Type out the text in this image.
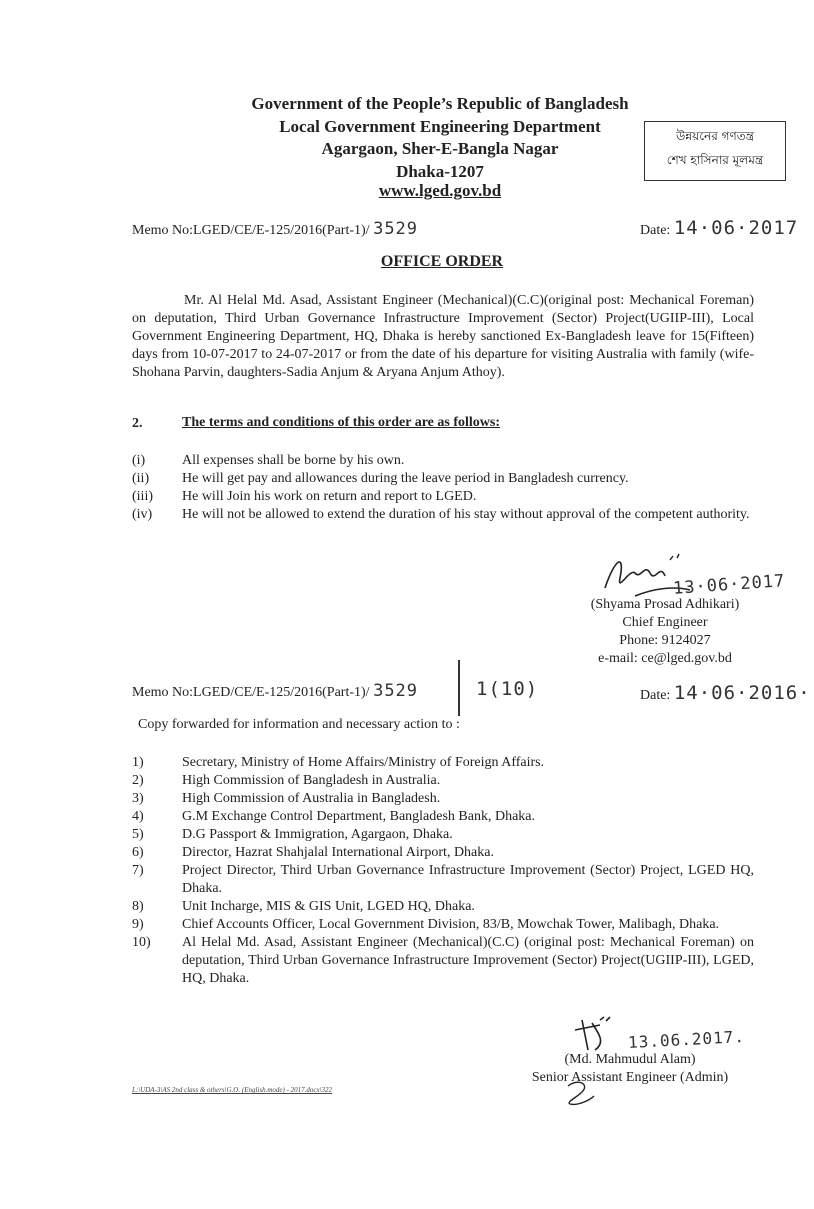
Government of the People’s Republic of Bangladesh
Local Government Engineering Department
Agargaon, Sher-E-Bangla Nagar
Dhaka-1207
www.lged.gov.bd
উন্নয়নের গণতন্ত্র
শেখ হাসিনার মূলমন্ত্র
Memo No:LGED/CE/E-125/2016(Part-1)/ 3529	Date: 14·06·2017
OFFICE ORDER
Mr. Al Helal Md. Asad, Assistant Engineer (Mechanical)(C.C)(original post: Mechanical Foreman) on deputation, Third Urban Governance Infrastructure Improvement (Sector) Project(UGIIP-III), Local Government Engineering Department, HQ, Dhaka is hereby sanctioned Ex-Bangladesh leave for 15(Fifteen) days from 10-07-2017 to 24-07-2017 or from the date of his departure for visiting Australia with family (wife-Shohana Parvin, daughters-Sadia Anjum & Aryana Anjum Athoy).
2.	The terms and conditions of this order are as follows:
(i)	All expenses shall be borne by his own.
(ii)	He will get pay and allowances during the leave period in Bangladesh currency.
(iii)	He will Join his work on return and report to LGED.
(iv)	He will not be allowed to extend the duration of his stay without approval of the competent authority.
13·06·2017
(Shyama Prosad Adhikari)
Chief Engineer
Phone: 9124027
e-mail: ce@lged.gov.bd
Memo No:LGED/CE/E-125/2016(Part-1)/ 3529	1(10)	Date: 14·06·2016·
Copy forwarded for information and necessary action to :
1)	Secretary, Ministry of Home Affairs/Ministry of Foreign Affairs.
2)	High Commission of Bangladesh in Australia.
3)	High Commission of Australia in Bangladesh.
4)	G.M Exchange Control Department, Bangladesh Bank, Dhaka.
5)	D.G Passport & Immigration, Agargaon, Dhaka.
6)	Director, Hazrat Shahjalal International Airport, Dhaka.
7)	Project Director, Third Urban Governance Infrastructure Improvement (Sector) Project, LGED HQ, Dhaka.
8)	Unit Incharge, MIS & GIS Unit, LGED HQ, Dhaka.
9)	Chief Accounts Officer, Local Government Division, 83/B, Mowchak Tower, Malibagh, Dhaka.
10)	Al Helal Md. Asad, Assistant Engineer (Mechanical)(C.C) (original post: Mechanical Foreman) on deputation, Third Urban Governance Infrastructure Improvement (Sector) Project(UGIIP-III), LGED, HQ, Dhaka.
13.06.2017.
(Md. Mahmudul Alam)
Senior Assistant Engineer (Admin)
L:\UDA-3\AS 2nd class & others\G.O. (English.mode) - 2017.docx\322
